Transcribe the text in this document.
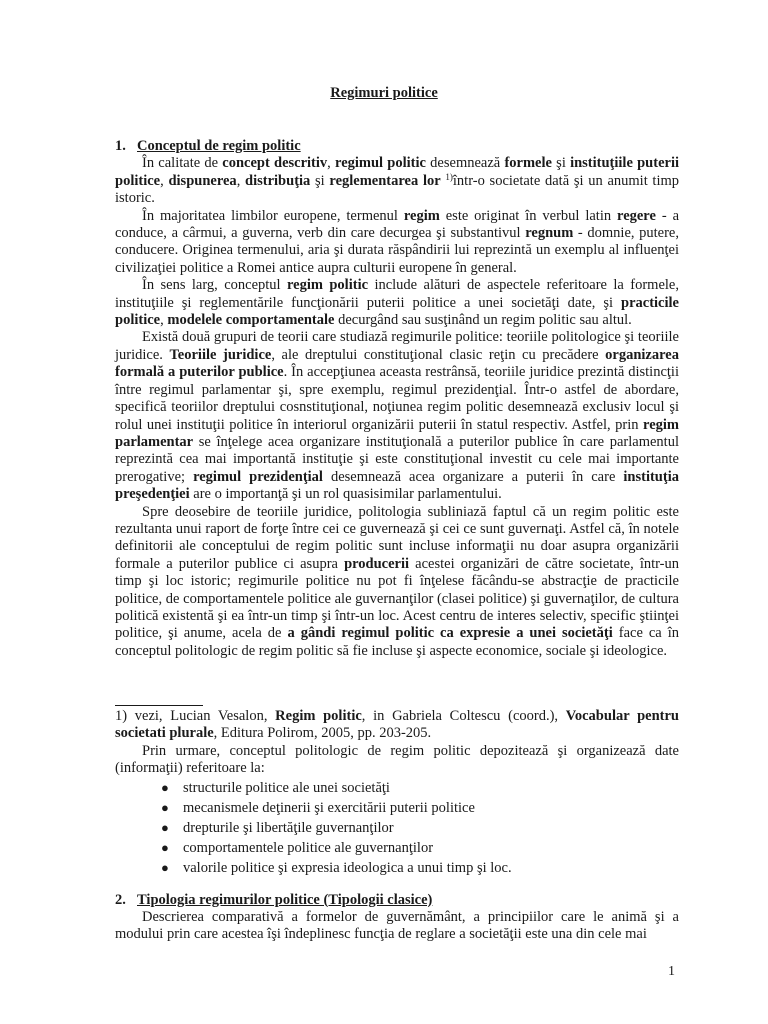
Regimuri politice
1. Conceptul de regim politic

În calitate de concept descritiv, regimul politic desemnează formele şi instituţiile puterii politice, dispunerea, distribuţia şi reglementarea lor $^{1)}$într-o societate dată şi un anumit timp istoric.

În majoritatea limbilor europene, termenul regim este originat în verbul latin regere - a conduce, a cârmui, a guverna, verb din care decurgea şi substantivul regnum - domnie, putere, conducere. Originea termenului, aria şi durata răspândirii lui reprezintă un exemplu al influenţei civilizaţiei politice a Romei antice aupra culturii europene în general.

În sens larg, conceptul regim politic include alături de aspectele referitoare la formele, instituţiile şi reglementările funcţionării puterii politice a unei societăţi date, şi practicile politice, modelele comportamentale decurgând sau susţinând un regim politic sau altul.

Există două grupuri de teorii care studiază regimurile politice: teoriile politologice şi teoriile juridice. Teoriile juridice, ale dreptului constituţional clasic reţin cu precădere organizarea formală a puterilor publice. În accepţiunea aceasta restrânsă, teoriile juridice prezintă distincţii între regimul parlamentar şi, spre exemplu, regimul prezidenţial. Într-o astfel de abordare, specifică teoriilor dreptului cosnstituţional, noţiunea regim politic desemnează exclusiv locul şi rolul unei instituţii politice în interiorul organizării puterii în statul respectiv. Astfel, prin regim parlamentar se înţelege acea organizare instituţională a puterilor publice în care parlamentul reprezintă cea mai importantă instituţie şi este constituţional investit cu cele mai importante prerogative; regimul prezidenţial desemnează acea organizare a puterii în care instituţia preşedenţiei are o importanţă şi un rol quasisimilar parlamentului.

Spre deosebire de teoriile juridice, politologia subliniază faptul că un regim politic este rezultanta unui raport de forţe între cei ce guvernează şi cei ce sunt guvernaţi. Astfel că, în notele definitorii ale conceptului de regim politic sunt incluse informaţii nu doar asupra organizării formale a puterilor publice ci asupra producerii acestei organizări de către societate, într-un timp şi loc istoric; regimurile politice nu pot fi înţelese făcându-se abstracţie de practicile politice, de comportamentele politice ale guvernanţilor (clasei politice) şi guvernaţilor, de cultura politică existentă şi ea într-un timp şi într-un loc. Acest centru de interes selectiv, specific ştiinţei politice, şi anume, acela de a gândi regimul politic ca expresie a unei societăţi face ca în conceptul politologic de regim politic să fie incluse şi aspecte economice, sociale şi ideologice.

1) vezi, Lucian Vesalon, Regim politic, in Gabriela Coltescu (coord.), Vocabular pentru societati plurale, Editura Polirom, 2005, pp. 203-205.

Prin urmare, conceptul politologic de regim politic depozitează şi organizează date (informaţii) referitoare la:

● structurile politice ale unei societăţi
● mecanismele deţinerii şi exercitării puterii politice
● drepturile şi libertăţile guvernanţilor
● comportamentele politice ale guvernanţilor
● valorile politice şi expresia ideologica a unui timp şi loc.
2. Tipologia regimurilor politice (Tipologii clasice)

Descrierea comparativă a formelor de guvernământ, a principiilor care le animă şi a modului prin care acestea îşi îndeplinesc funcţia de reglare a societăţii este una din cele mai

1
